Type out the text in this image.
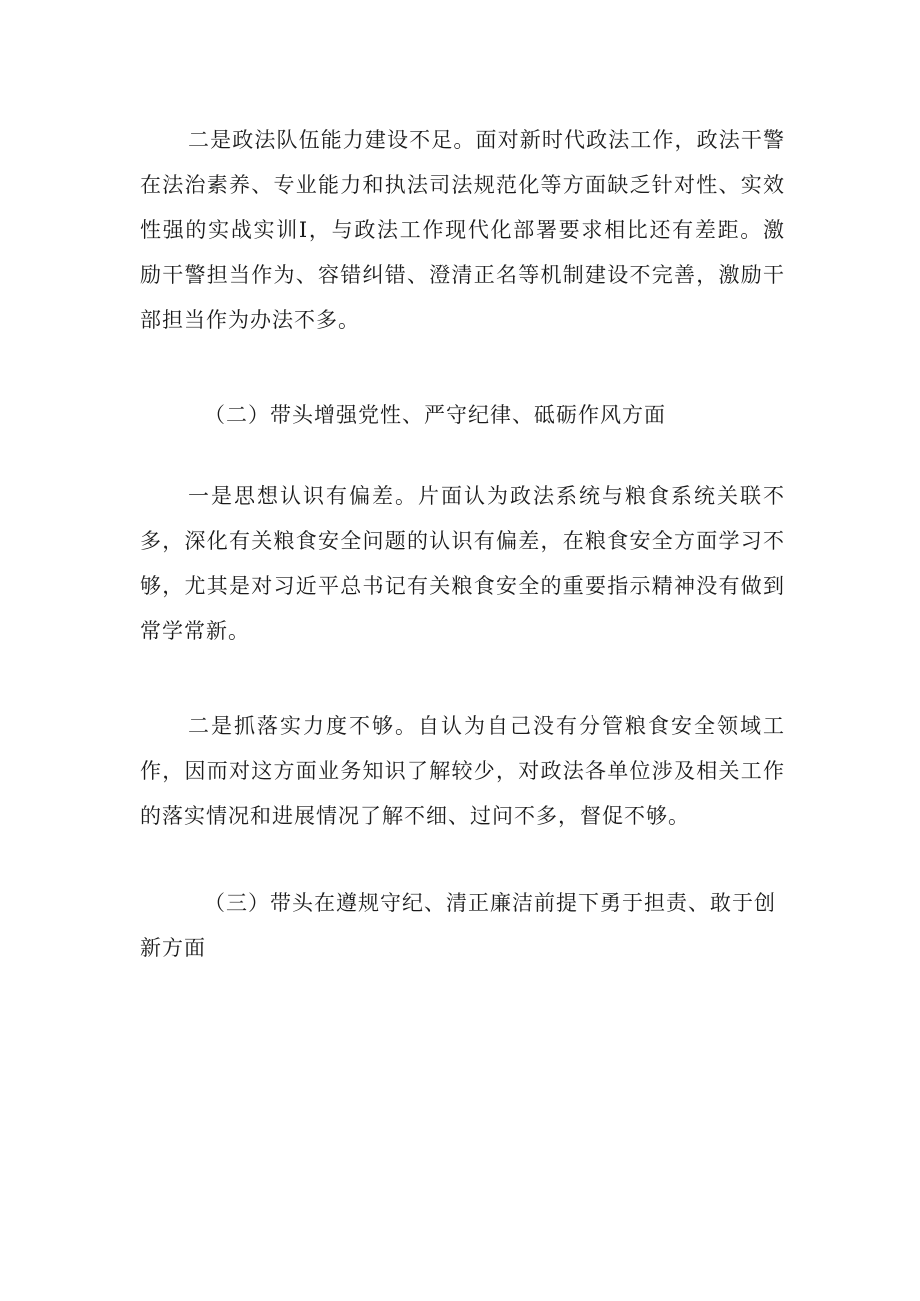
二是政法队伍能力建设不足。面对新时代政法工作，政法干警在法治素养、专业能力和执法司法规范化等方面缺乏针对性、实效性强的实战实训I，与政法工作现代化部署要求相比还有差距。激励干警担当作为、容错纠错、澄清正名等机制建设不完善，激励干部担当作为办法不多。

（二）带头增强党性、严守纪律、砥砺作风方面

一是思想认识有偏差。片面认为政法系统与粮食系统关联不多，深化有关粮食安全问题的认识有偏差，在粮食安全方面学习不够，尤其是对习近平总书记有关粮食安全的重要指示精神没有做到常学常新。

二是抓落实力度不够。自认为自己没有分管粮食安全领域工作，因而对这方面业务知识了解较少，对政法各单位涉及相关工作的落实情况和进展情况了解不细、过问不多，督促不够。

（三）带头在遵规守纪、清正廉洁前提下勇于担责、敢于创新方面
